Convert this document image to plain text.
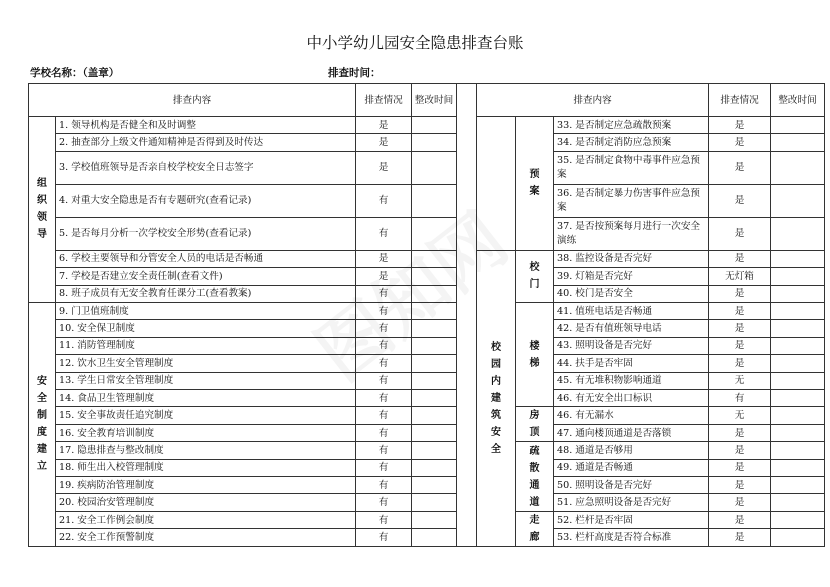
中小学幼儿园安全隐患排查台账
学校名称：（盖章）	排查时间：
排查内容		排查情况	整改时间		排查内容			排查情况	整改时间
组织领导	1. 领导机构是否健全和及时调整	是				预案	33. 是否制定应急疏散预案	是	
	2. 抽查部分上级文件通知精神是否得到及时传达	是					34. 是否制定消防应急预案	是	
	3. 学校值班领导是否亲自校学校安全日志签字	是					35. 是否制定食物中毒事件应急预案	是	
	4. 对重大安全隐患是否有专题研究(查看记录)	有					36. 是否制定暴力伤害事件应急预案	是	
	5. 是否每月分析一次学校安全形势(查看记录)	有					37. 是否按预案每月进行一次安全演练	是	
	6. 学校主要领导和分管安全人员的电话是否畅通	是			校园内建筑安全	校门	38. 监控设备是否完好	是	
	7. 学校是否建立安全责任制(查看文件)	是					39. 灯箱是否完好	无灯箱	
	8. 班子成员有无安全教育任课分工(查看教案)	有					40. 校门是否安全	是	
安全制度建立	9. 门卫值班制度	有				楼梯	41. 值班电话是否畅通	是	
	10. 安全保卫制度	有					42. 是否有值班领导电话	是	
	11. 消防管理制度	有					43. 照明设备是否完好	是	
	12. 饮水卫生安全管理制度	有					44. 扶手是否牢固	是	
	13. 学生日常安全管理制度	有					45. 有无堆积物影响通道	无	
	14. 食品卫生管理制度	有					46. 有无安全出口标识	有	
	15. 安全事故责任追究制度	有				房顶	46. 有无漏水	无	
	16. 安全教育培训制度	有					47. 通向楼顶通道是否落锁	是	
	17. 隐患排查与整改制度	有				疏散通道	48. 通道是否够用	是	
	18. 师生出入校管理制度	有					49. 通道是否畅通	是	
	19. 疾病防治管理制度	有					50. 照明设备是否完好	是	
	20. 校园治安管理制度	有					51. 应急照明设备是否完好	是	
	21. 安全工作例会制度	有				走廊	52. 栏杆是否牢固	是	
	22. 安全工作预警制度	有					53. 栏杆高度是否符合标准	是	
